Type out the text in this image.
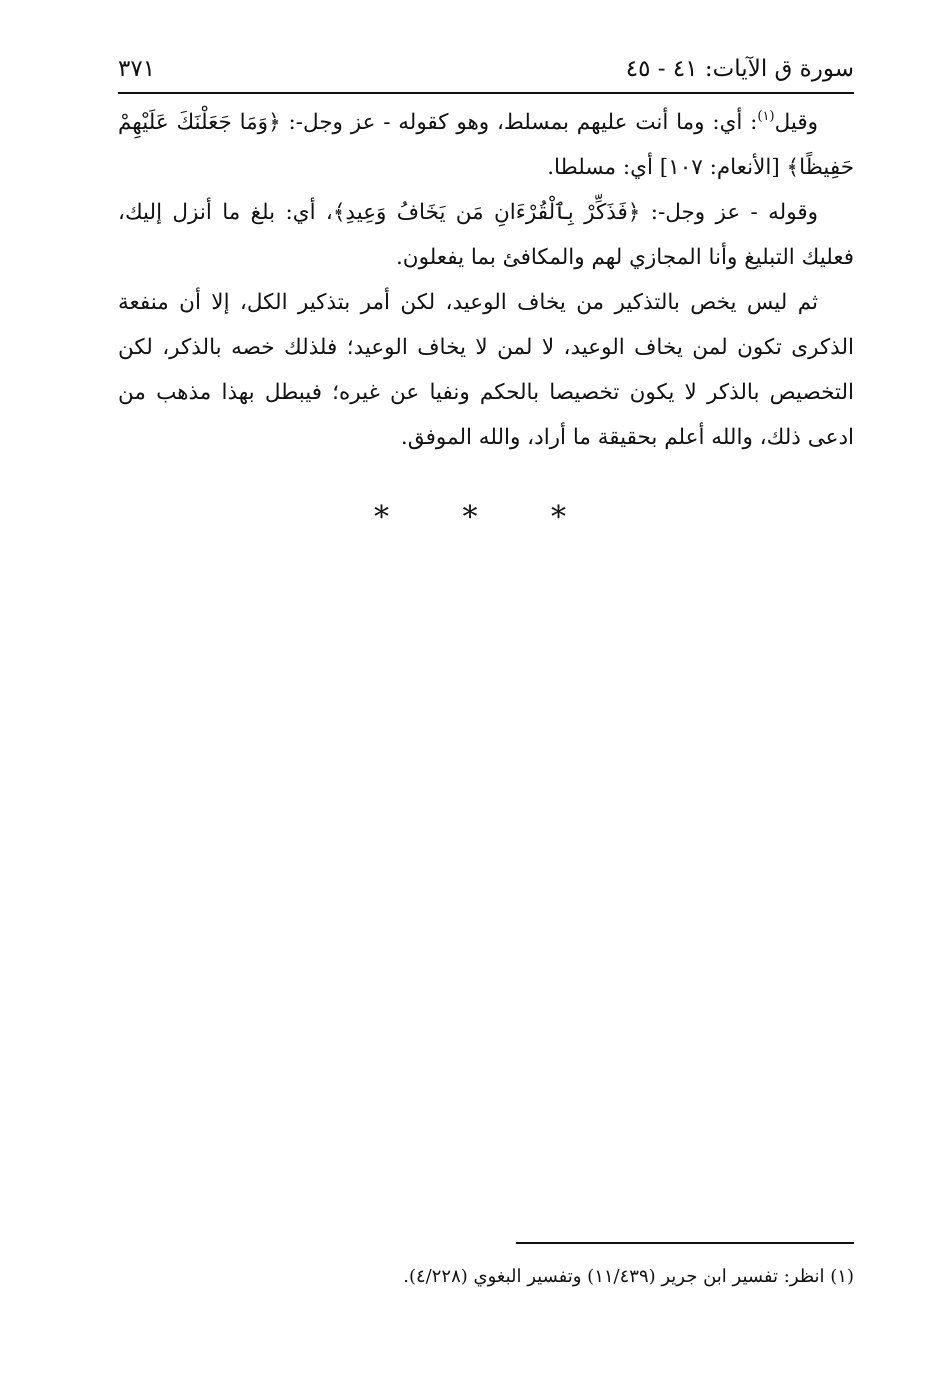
سورة ق الآيات: ٤١ - ٤٥
٣٧١

وقيل$^{(١)}$: أي: وما أنت عليهم بمسلط، وهو كقوله - عز وجل-: ﴿وَمَا جَعَلْنَكَ عَلَيْهِمْ حَفِيظًا﴾ [الأنعام: ١٠٧] أي: مسلطا.

وقوله - عز وجل-: ﴿فَذَكِّرْ بِٱلْقُرْءَانِ مَن يَخَافُ وَعِيدِ﴾، أي: بلغ ما أنزل إليك، فعليك التبليغ وأنا المجازي لهم والمكافئ بما يفعلون.

ثم ليس يخص بالتذكير من يخاف الوعيد، لكن أمر بتذكير الكل، إلا أن منفعة الذكرى تكون لمن يخاف الوعيد، لا لمن لا يخاف الوعيد؛ فلذلك خصه بالذكر، لكن التخصيص بالذكر لا يكون تخصيصا بالحكم ونفيا عن غيره؛ فيبطل بهذا مذهب من ادعى ذلك، والله أعلم بحقيقة ما أراد، والله الموفق.

* * *
(١) انظر: تفسير ابن جرير (١١/٤٣٩) وتفسير البغوي (٤/٢٢٨).
